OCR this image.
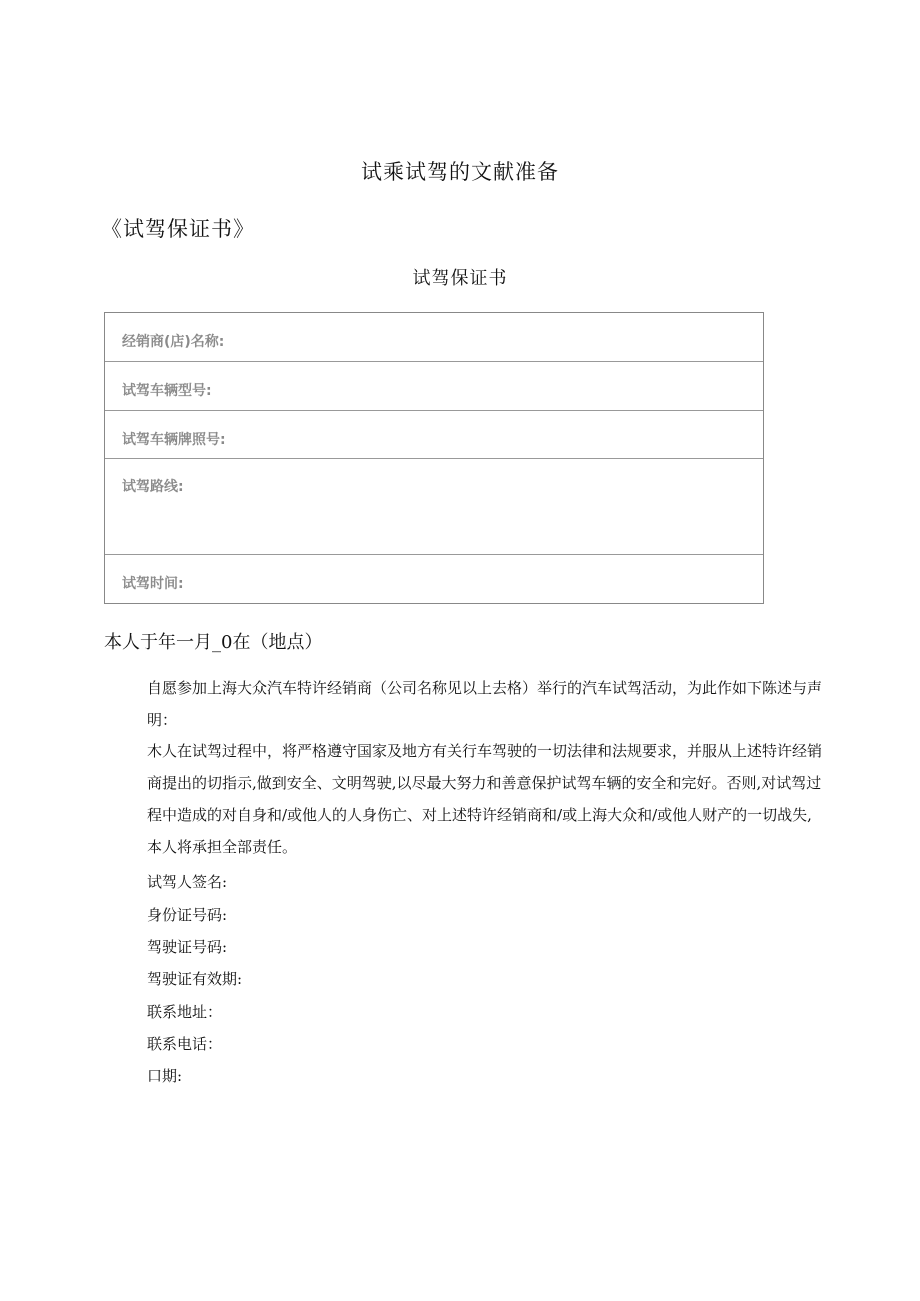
试乘试驾的文献准备
《试驾保证书》
试驾保证书
经销商(店)名称:
试驾车辆型号:
试驾车辆牌照号:
试驾路线:
试驾时间:
本人于年一月_0在（地点）
自愿参加上海大众汽车特许经销商（公司名称见以上去格）举行的汽车试驾活动，为此作如下陈述与声明：
木人在试驾过程中，将严格遵守国家及地方有关行车驾驶的一切法律和法规要求，并服从上述特许经销商提出的切指示,做到安全、文明驾驶,以尽最大努力和善意保护试驾车辆的安全和完好。否则,对试驾过程中造成的对自身和/或他人的人身伤亡、对上述特许经销商和/或上海大众和/或他人财产的一切战失,本人将承担全部责任。
试驾人签名:
身份证号码:
驾驶证号码:
驾驶证有效期:
联系地址：
联系电话：
口期:
